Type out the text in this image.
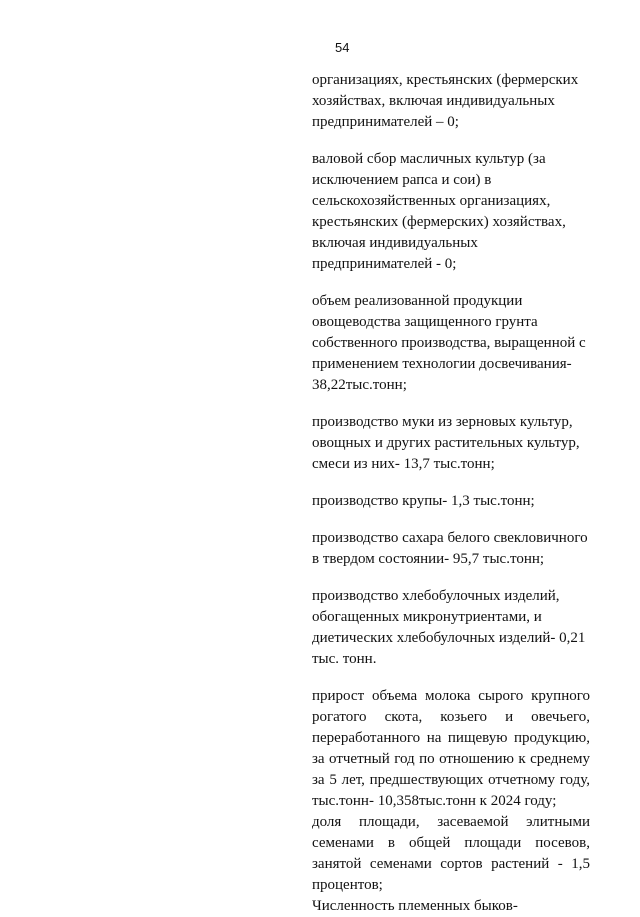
54
организациях, крестьянских (фермерских
хозяйствах, включая индивидуальных
предпринимателей – 0;
валовой сбор масличных культур (за
исключением рапса и сои) в
сельскохозяйственных организациях,
крестьянских (фермерских) хозяйствах,
включая индивидуальных
предпринимателей - 0;
объем реализованной продукции
овощеводства защищенного грунта
собственного производства, выращенной с
применением технологии досвечивания-
38,22тыс.тонн;
производство муки из зерновых культур,
овощных и других растительных культур,
смеси из них- 13,7 тыс.тонн;
производство крупы- 1,3 тыс.тонн;
производство сахара белого свекловичного
в твердом состоянии- 95,7 тыс.тонн;
производство хлебобулочных изделий,
обогащенных микронутриентами, и
диетических хлебобулочных изделий- 0,21
тыс. тонн.
прирост объема молока сырого крупного
рогатого скота, козьего и овечьего,
переработанного на пищевую продукцию,
за отчетный год по отношению к среднему
за 5 лет, предшествующих отчетному году,
тыс.тонн- 10,358тыс.тонн к 2024 году;
доля площади, засеваемой элитными
семенами в общей площади посевов,
занятой семенами сортов растений - 1,5
процентов;
Численность племенных быков-
